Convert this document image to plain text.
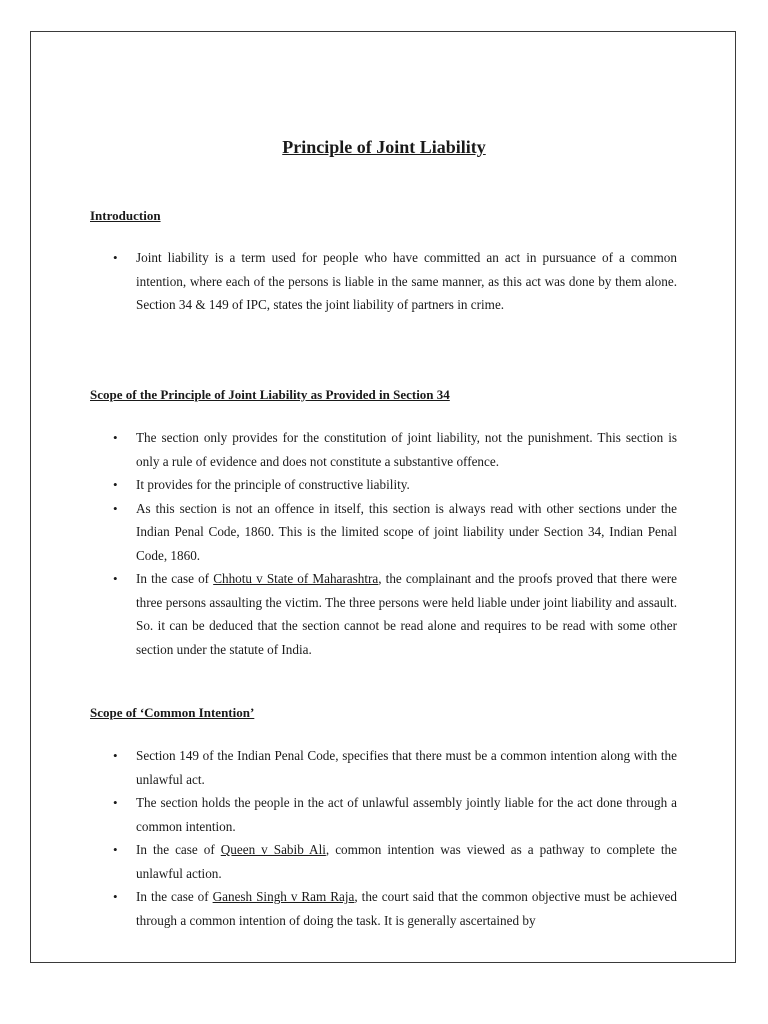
Principle of Joint Liability
Introduction
•	Joint liability is a term used for people who have committed an act in pursuance of a common intention, where each of the persons is liable in the same manner, as this act was done by them alone. Section 34 & 149 of IPC, states the joint liability of partners in crime.
Scope of the Principle of Joint Liability as Provided in Section 34
•	The section only provides for the constitution of joint liability, not the punishment. This section is only a rule of evidence and does not constitute a substantive offence.
•	It provides for the principle of constructive liability.
•	As this section is not an offence in itself, this section is always read with other sections under the Indian Penal Code, 1860. This is the limited scope of joint liability under Section 34, Indian Penal Code, 1860.
•	In the case of Chhotu v State of Maharashtra, the complainant and the proofs proved that there were three persons assaulting the victim. The three persons were held liable under joint liability and assault. So. it can be deduced that the section cannot be read alone and requires to be read with some other section under the statute of India.
Scope of ‘Common Intention’
•	Section 149 of the Indian Penal Code, specifies that there must be a common intention along with the unlawful act.
•	The section holds the people in the act of unlawful assembly jointly liable for the act done through a common intention.
•	In the case of Queen v Sabib Ali, common intention was viewed as a pathway to complete the unlawful action.
•	In the case of Ganesh Singh v Ram Raja, the court said that the common objective must be achieved through a common intention of doing the task. It is generally ascertained by
